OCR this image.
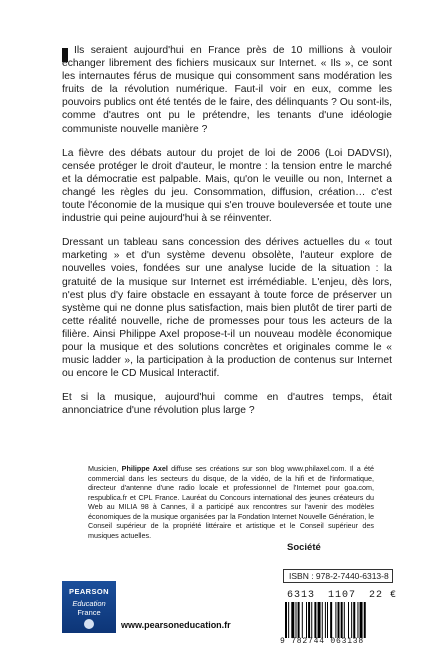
Ils seraient aujourd'hui en France près de 10 millions à vouloir échanger librement des fichiers musicaux sur Internet. « Ils », ce sont les internautes férus de musique qui consomment sans modération les fruits de la révolution numérique. Faut-il voir en eux, comme les pouvoirs publics ont été tentés de le faire, des délinquants ? Ou sont-ils, comme d'autres ont pu le prétendre, les tenants d'une idéologie communiste nouvelle manière ?

La fièvre des débats autour du projet de loi de 2006 (Loi DADVSI), censée protéger le droit d'auteur, le montre : la tension entre le marché et la démocratie est palpable. Mais, qu'on le veuille ou non, Internet a changé les règles du jeu. Consommation, diffusion, création… c'est toute l'économie de la musique qui s'en trouve bouleversée et toute une industrie qui peine aujourd'hui à se réinventer.

Dressant un tableau sans concession des dérives actuelles du « tout marketing » et d'un système devenu obsolète, l'auteur explore de nouvelles voies, fondées sur une analyse lucide de la situation : la gratuité de la musique sur Internet est irrémédiable. L'enjeu, dès lors, n'est plus d'y faire obstacle en essayant à toute force de préserver un système qui ne donne plus satisfaction, mais bien plutôt de tirer parti de cette réalité nouvelle, riche de promesses pour tous les acteurs de la filière. Ainsi Philippe Axel propose-t-il un nouveau modèle économique pour la musique et des solutions concrètes et originales comme le « music ladder », la participation à la production de contenus sur Internet ou encore le CD Musical Interactif.

Et si la musique, aujourd'hui comme en d'autres temps, était annonciatrice d'une révolution plus large ?

Musicien, Philippe Axel diffuse ses créations sur son blog www.philaxel.com. Il a été commercial dans les secteurs du disque, de la vidéo, de la hifi et de l'informatique, directeur d'antenne d'une radio locale et professionnel de l'Internet pour goa.com, respublica.fr et CPL France. Lauréat du Concours international des jeunes créateurs du Web au MILIA 98 à Cannes, il a participé aux rencontres sur l'avenir des modèles économiques de la musique organisées par la Fondation Internet Nouvelle Génération, le Conseil supérieur de la propriété littéraire et artistique et le Conseil supérieur des musiques actuelles.
Société
ISBN : 978-2-7440-6313-8
6313 1107 22 €
9 782744 063138
PEARSON
Education
France
www.pearsoneducation.fr
